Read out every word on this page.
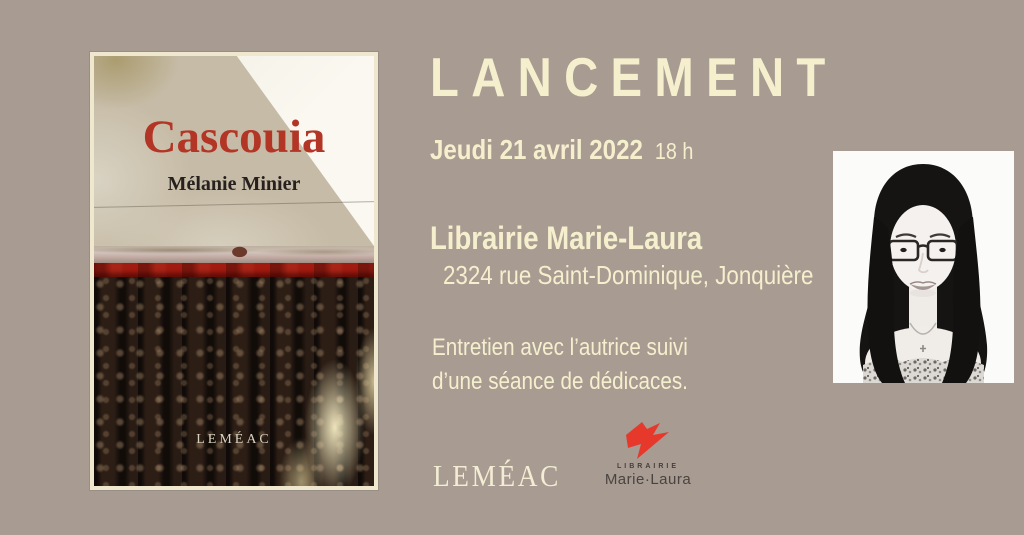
Cascouia
Mélanie Minier
LEMÉAC
LANCEMENT
Jeudi 21 avril 2022 18 h
Librairie Marie-Laura
2324 rue Saint-Dominique, Jonquière
Entretien avec l’autrice suivi
d’une séance de dédicaces.
LEMÉAC	LIBRAIRIE
Marie·Laura
